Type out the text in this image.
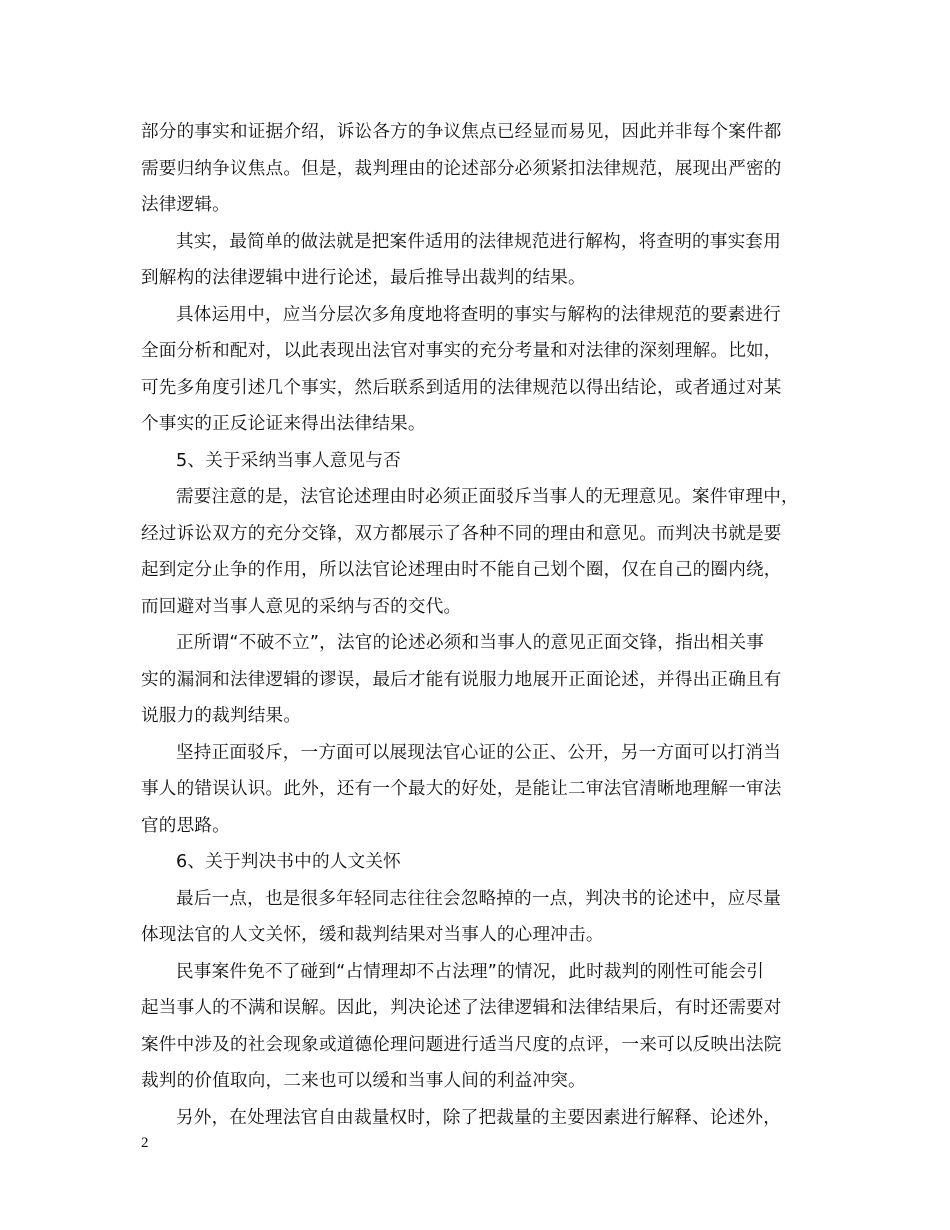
部分的事实和证据介绍，诉讼各方的争议焦点已经显而易见，因此并非每个案件都
需要归纳争议焦点。但是，裁判理由的论述部分必须紧扣法律规范，展现出严密的
法律逻辑。
其实，最简单的做法就是把案件适用的法律规范进行解构，将查明的事实套用
到解构的法律逻辑中进行论述，最后推导出裁判的结果。
具体运用中，应当分层次多角度地将查明的事实与解构的法律规范的要素进行
全面分析和配对，以此表现出法官对事实的充分考量和对法律的深刻理解。比如，
可先多角度引述几个事实，然后联系到适用的法律规范以得出结论，或者通过对某
个事实的正反论证来得出法律结果。
5、关于采纳当事人意见与否
需要注意的是，法官论述理由时必须正面驳斥当事人的无理意见。案件审理中，
经过诉讼双方的充分交锋，双方都展示了各种不同的理由和意见。而判决书就是要
起到定分止争的作用，所以法官论述理由时不能自己划个圈，仅在自己的圈内绕，
而回避对当事人意见的采纳与否的交代。
正所谓“不破不立”，法官的论述必须和当事人的意见正面交锋，指出相关事
实的漏洞和法律逻辑的谬误，最后才能有说服力地展开正面论述，并得出正确且有
说服力的裁判结果。
坚持正面驳斥，一方面可以展现法官心证的公正、公开，另一方面可以打消当
事人的错误认识。此外，还有一个最大的好处，是能让二审法官清晰地理解一审法
官的思路。
6、关于判决书中的人文关怀
最后一点，也是很多年轻同志往往会忽略掉的一点，判决书的论述中，应尽量
体现法官的人文关怀，缓和裁判结果对当事人的心理冲击。
民事案件免不了碰到“占情理却不占法理”的情况，此时裁判的刚性可能会引
起当事人的不满和误解。因此，判决论述了法律逻辑和法律结果后，有时还需要对
案件中涉及的社会现象或道德伦理问题进行适当尺度的点评，一来可以反映出法院
裁判的价值取向，二来也可以缓和当事人间的利益冲突。
另外，在处理法官自由裁量权时，除了把裁量的主要因素进行解释、论述外，
2
